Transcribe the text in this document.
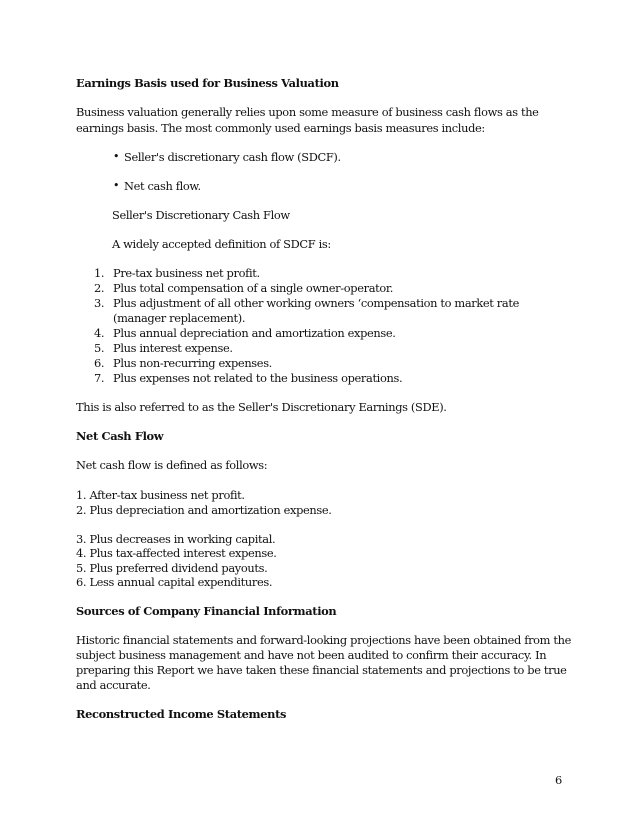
Earnings Basis used for Business Valuation
Business valuation generally relies upon some measure of business cash flows as the
earnings basis. The most commonly used earnings basis measures include:
• Seller's discretionary cash flow (SDCF).
• Net cash flow.
Seller's Discretionary Cash Flow
A widely accepted definition of SDCF is:
1. Pre-tax business net profit.
2. Plus total compensation of a single owner-operator.
3. Plus adjustment of all other working owners ‘compensation to market rate
(manager replacement).
4. Plus annual depreciation and amortization expense.
5. Plus interest expense.
6. Plus non-recurring expenses.
7. Plus expenses not related to the business operations.
This is also referred to as the Seller's Discretionary Earnings (SDE).
Net Cash Flow
Net cash flow is defined as follows:
1. After-tax business net profit.
2. Plus depreciation and amortization expense.
3. Plus decreases in working capital.
4. Plus tax-affected interest expense.
5. Plus preferred dividend payouts.
6. Less annual capital expenditures.
Sources of Company Financial Information
Historic financial statements and forward-looking projections have been obtained from the
subject business management and have not been audited to confirm their accuracy. In
preparing this Report we have taken these financial statements and projections to be true
and accurate.
Reconstructed Income Statements
6
